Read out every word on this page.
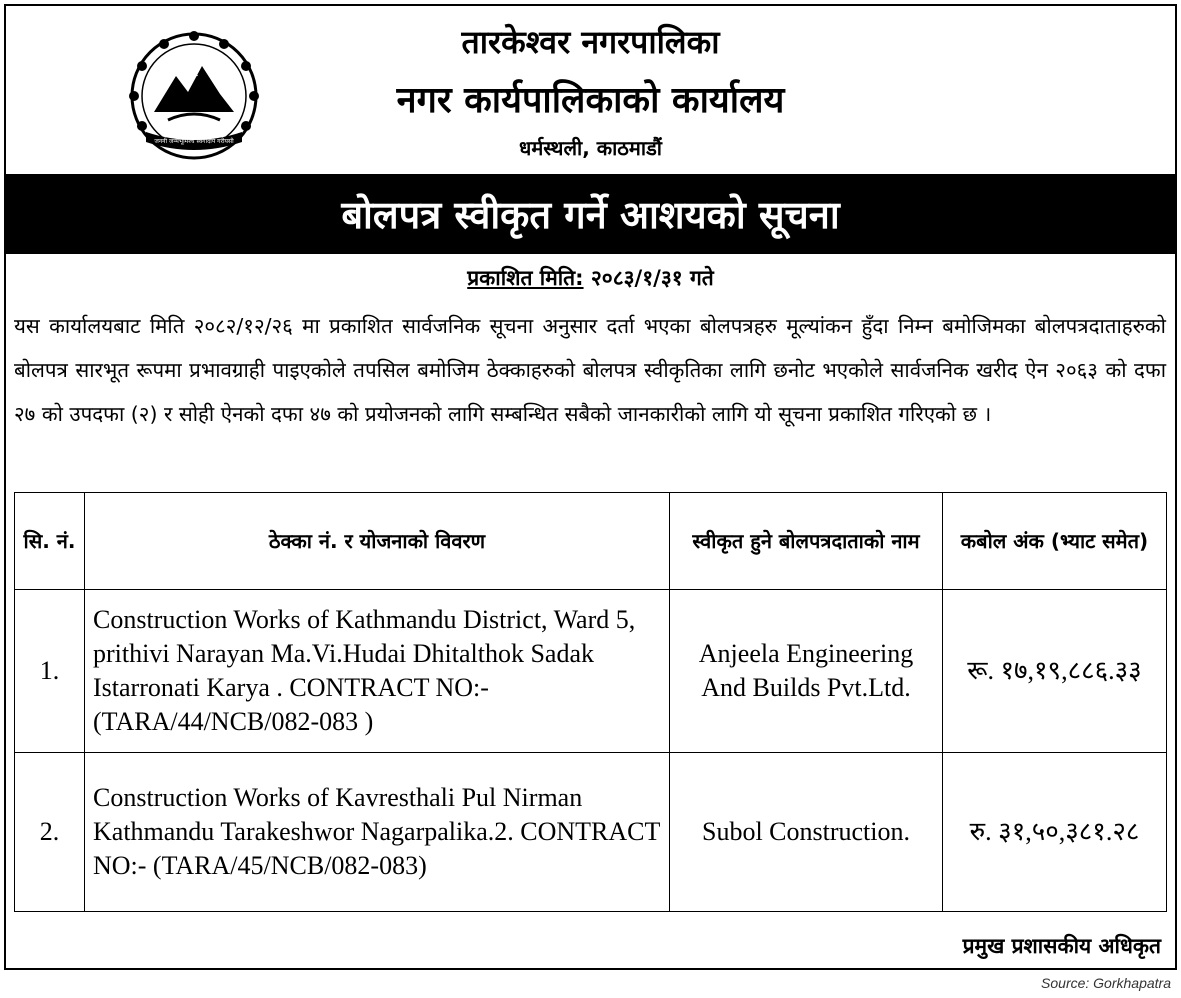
जननी जन्मभूमिश्च स्वर्गादपि गरीयसी
तारकेश्वर नगरपालिका
नगर कार्यपालिकाको कार्यालय
धर्मस्थली, काठमाडौं
बोलपत्र स्वीकृत गर्ने आशयको सूचना
प्रकाशित मिति: २०८३/१/३१ गते
यस कार्यालयबाट मिति २०८२/१२/२६ मा प्रकाशित सार्वजनिक सूचना अनुसार दर्ता भएका बोलपत्रहरु मूल्यांकन हुँदा निम्न बमोजिमका बोलपत्रदाताहरुको बोलपत्र सारभूत रूपमा प्रभावग्राही पाइएकोले तपसिल बमोजिम ठेक्काहरुको बोलपत्र स्वीकृतिका लागि छनोट भएकोले सार्वजनिक खरीद ऐन २०६३ को दफा २७ को उपदफा (२) र सोही ऐनको दफा ४७ को प्रयोजनको लागि सम्बन्धित सबैको जानकारीको लागि यो सूचना प्रकाशित गरिएको छ ।
सि. नं.	ठेक्का नं. र योजनाको विवरण	स्वीकृत हुने बोलपत्रदाताको नाम	कबोल अंक (भ्याट समेत)
1.	Construction Works of Kathmandu District, Ward 5, prithivi Narayan Ma.Vi.Hudai Dhitalthok Sadak Istarronati Karya . CONTRACT NO:- (TARA/44/NCB/082-083 )	Anjeela Engineering And Builds Pvt.Ltd.	रू. १७,१९,८८६.३३
2.	Construction Works of Kavresthali Pul Nirman Kathmandu Tarakeshwor Nagarpalika.2. CONTRACT NO:- (TARA/45/NCB/082-083)	Subol Construction.	रु. ३१,५०,३८१.२८
प्रमुख प्रशासकीय अधिकृत
Source: Gorkhapatra
